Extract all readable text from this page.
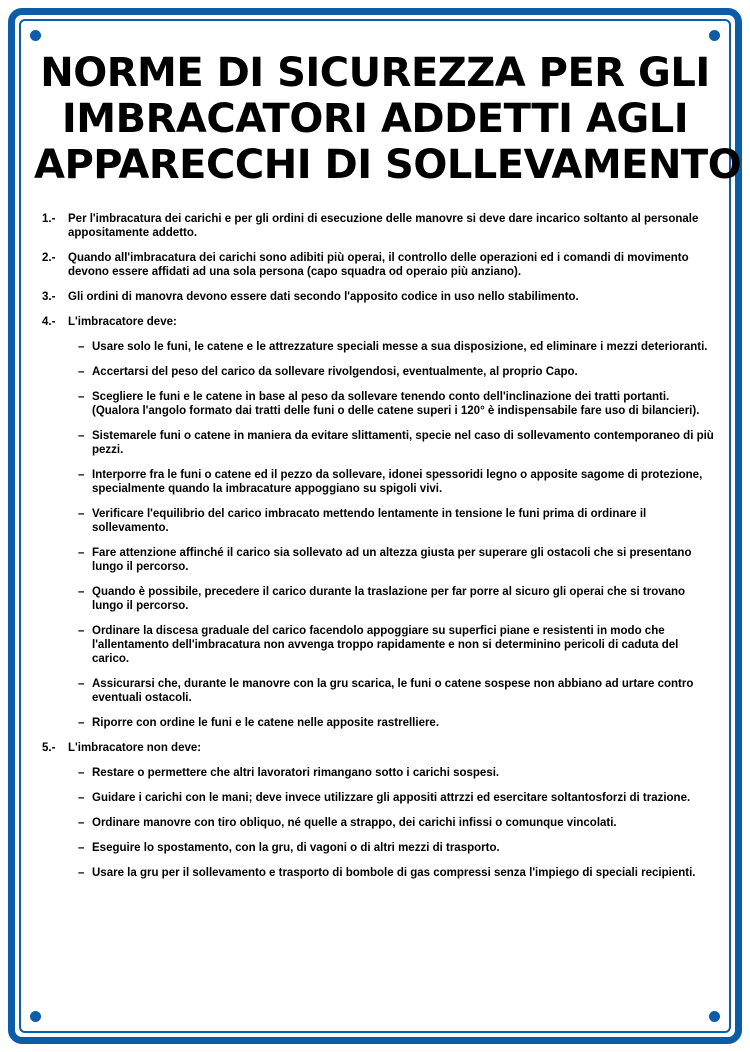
NORME DI SICUREZZA PER GLI
IMBRACATORI ADDETTI AGLI
APPARECCHI DI SOLLEVAMENTO
1.-	Per l'imbracatura dei carichi e per gli ordini di esecuzione delle manovre si deve dare incarico soltanto al personale appositamente addetto.
2.-	Quando all'imbracatura dei carichi sono adibiti più operai, il controllo delle operazioni ed i comandi di movimento devono essere affidati ad una sola persona (capo squadra od operaio più anziano).
3.-	Gli ordini di manovra devono essere dati secondo l'apposito codice in uso nello stabilimento.
4.-	L'imbracatore deve:
– Usare solo le funi, le catene e le attrezzature speciali messe a sua disposizione, ed eliminare i mezzi deterioranti.
– Accertarsi del peso del carico da sollevare rivolgendosi, eventualmente, al proprio Capo.
– Scegliere le funi e le catene in base al peso da sollevare tenendo conto dell'inclinazione dei tratti portanti. (Qualora l'angolo formato dai tratti delle funi o delle catene superi i 120° è indispensabile fare uso di bilancieri).
– Sistemarele funi o catene in maniera da evitare slittamenti, specie nel caso di sollevamento contemporaneo di più pezzi.
– Interporre fra le funi o catene ed il pezzo da sollevare, idonei spessoridi legno o apposite sagome di protezione, specialmente quando la imbracature appoggiano su spigoli vivi.
– Verificare l'equilibrio del carico imbracato mettendo lentamente in tensione le funi prima di ordinare il sollevamento.
– Fare attenzione affinché il carico sia sollevato ad un altezza giusta per superare gli ostacoli che si presentano lungo il percorso.
– Quando è possibile, precedere il carico durante la traslazione per far porre al sicuro gli operai che si trovano lungo il percorso.
– Ordinare la discesa graduale del carico facendolo appoggiare su superfici piane e resistenti in modo che l'allentamento dell'imbracatura non avvenga troppo rapidamente e non si determinino pericoli di caduta del carico.
– Assicurarsi che, durante le manovre con la gru scarica, le funi o catene sospese non abbiano ad urtare contro eventuali ostacoli.
– Riporre con ordine le funi e le catene nelle apposite rastrelliere.
5.-	L'imbracatore non deve:
– Restare o permettere che altri lavoratori rimangano sotto i carichi sospesi.
– Guidare i carichi con le mani; deve invece utilizzare gli appositi attrzzi ed esercitare soltantosforzi di trazione.
– Ordinare manovre con tiro obliquo, né quelle a strappo, dei carichi infissi o comunque vincolati.
– Eseguire lo spostamento, con la gru, di vagoni o di altri mezzi di trasporto.
– Usare la gru per il sollevamento e trasporto di bombole di gas compressi senza l'impiego di speciali recipienti.
